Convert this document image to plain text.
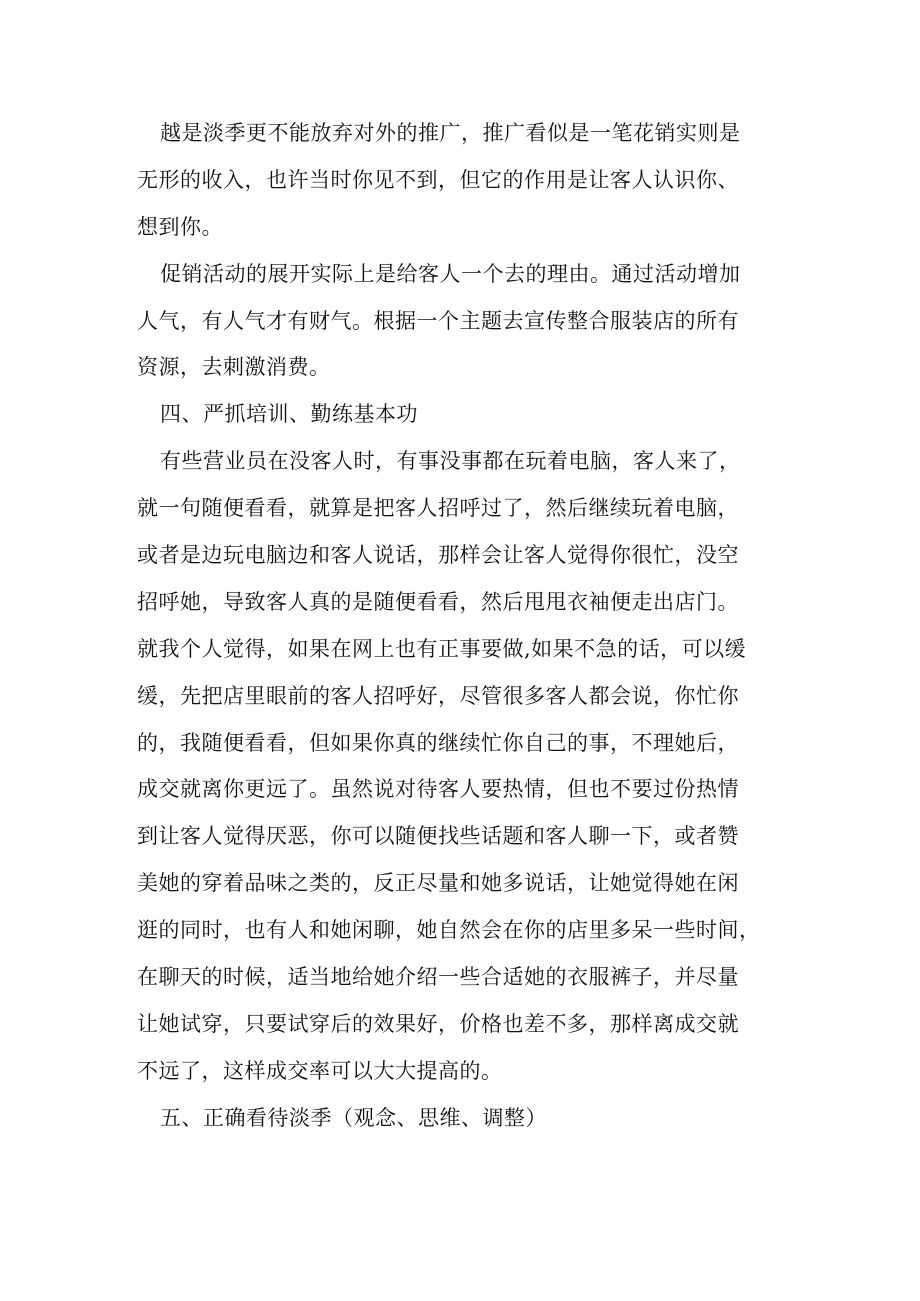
越是淡季更不能放弃对外的推广，推广看似是一笔花销实则是
无形的收入，也许当时你见不到，但它的作用是让客人认识你、
想到你。
促销活动的展开实际上是给客人一个去的理由。通过活动增加
人气，有人气才有财气。根据一个主题去宣传整合服装店的所有
资源，去刺激消费。
四、严抓培训、勤练基本功
有些营业员在没客人时，有事没事都在玩着电脑，客人来了，
就一句随便看看，就算是把客人招呼过了，然后继续玩着电脑，
或者是边玩电脑边和客人说话，那样会让客人觉得你很忙，没空
招呼她，导致客人真的是随便看看，然后甩甩衣袖便走出店门。
就我个人觉得，如果在网上也有正事要做,如果不急的话，可以缓
缓，先把店里眼前的客人招呼好，尽管很多客人都会说，你忙你
的，我随便看看，但如果你真的继续忙你自己的事，不理她后，
成交就离你更远了。虽然说对待客人要热情，但也不要过份热情
到让客人觉得厌恶，你可以随便找些话题和客人聊一下，或者赞
美她的穿着品味之类的，反正尽量和她多说话，让她觉得她在闲
逛的同时，也有人和她闲聊，她自然会在你的店里多呆一些时间，
在聊天的时候，适当地给她介绍一些合适她的衣服裤子，并尽量
让她试穿，只要试穿后的效果好，价格也差不多，那样离成交就
不远了，这样成交率可以大大提高的。
五、正确看待淡季（观念、思维、调整）
